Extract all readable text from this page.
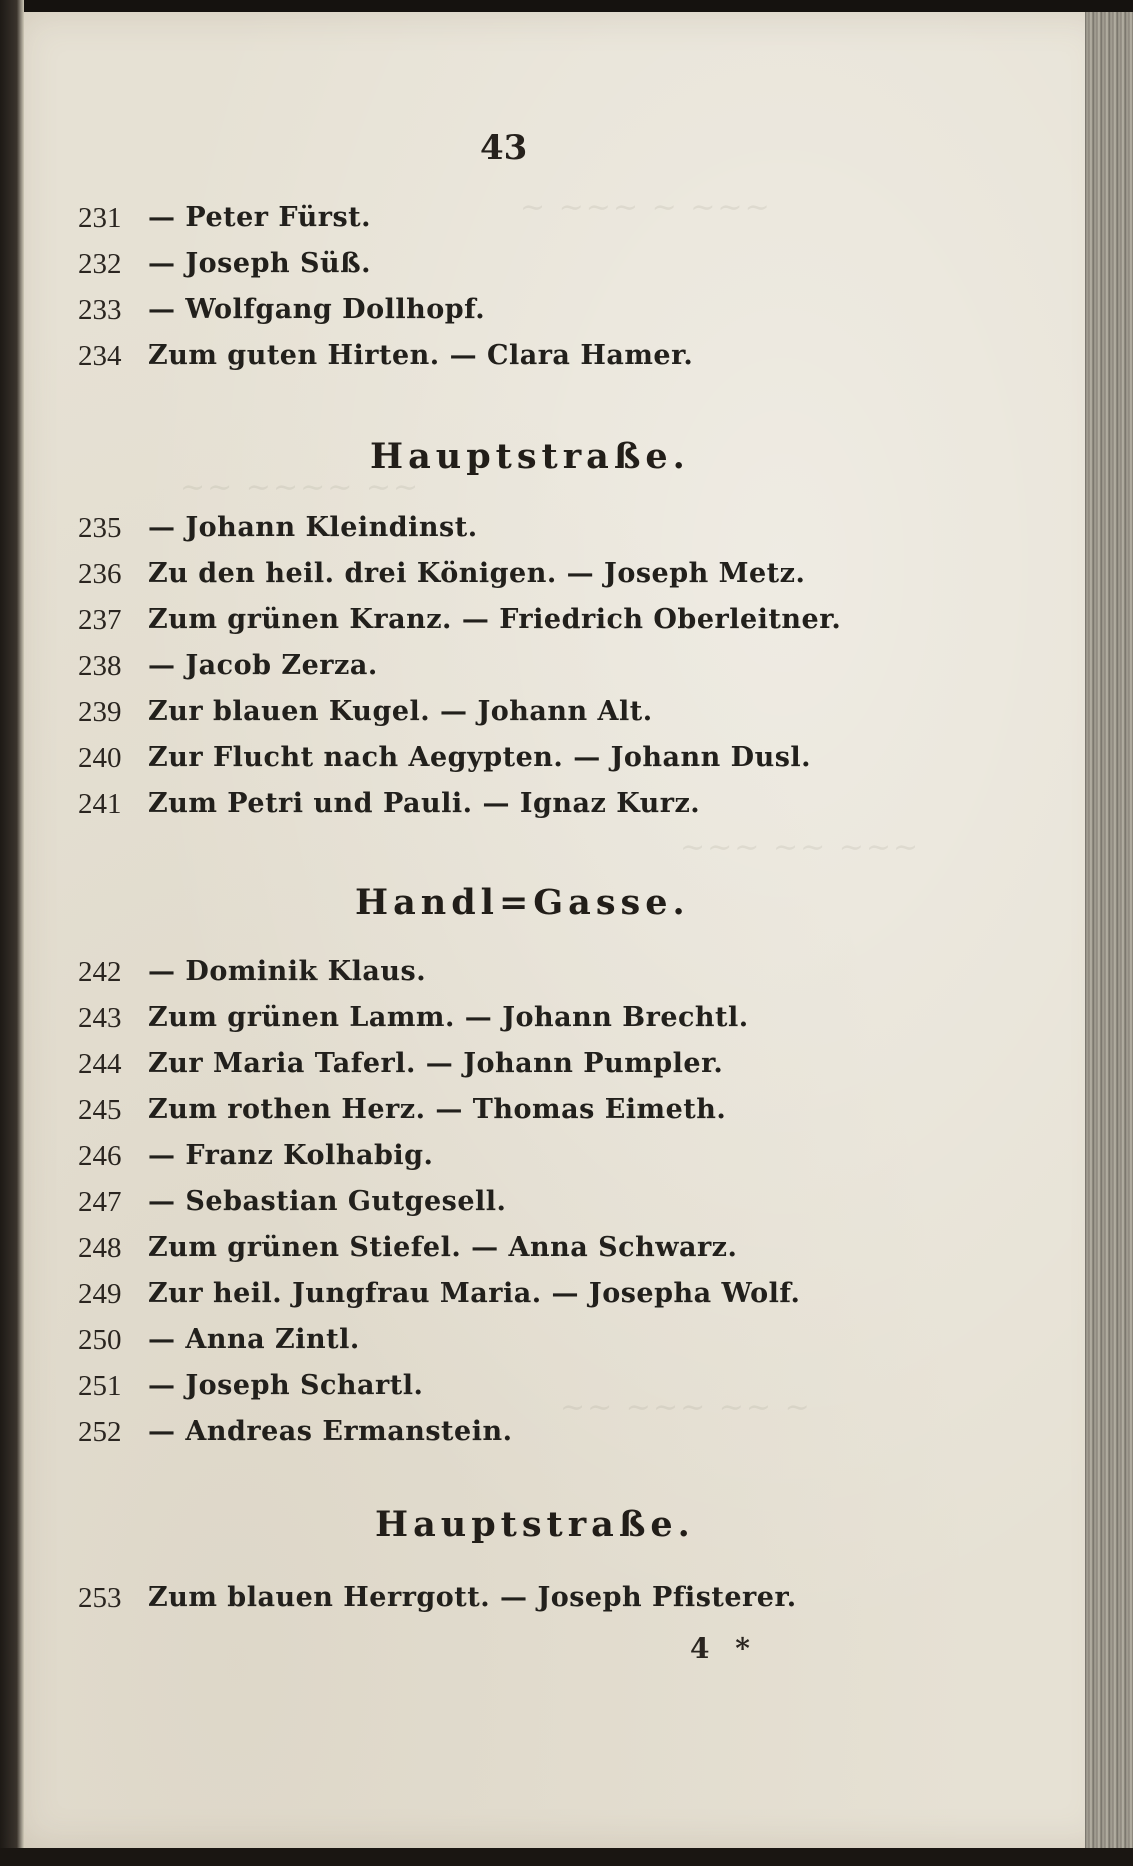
∼ ∼∼∼ ∼ ∼∼∼
∼∼ ∼∼∼∼ ∼∼
∼∼∼ ∼∼ ∼∼∼
∼∼ ∼∼∼ ∼∼ ∼
43
231 — Peter Fürst.
232 — Joseph Süß.
233 — Wolfgang Dollhopf.
234 Zum guten Hirten. — Clara Hamer.
Hauptstraße.
235 — Johann Kleindinst.
236 Zu den heil. drei Königen. — Joseph Metz.
237 Zum grünen Kranz. — Friedrich Oberleitner.
238 — Jacob Zerza.
239 Zur blauen Kugel. — Johann Alt.
240 Zur Flucht nach Aegypten. — Johann Dusl.
241 Zum Petri und Pauli. — Ignaz Kurz.
Handl=Gasse.
242 — Dominik Klaus.
243 Zum grünen Lamm. — Johann Brechtl.
244 Zur Maria Taferl. — Johann Pumpler.
245 Zum rothen Herz. — Thomas Eimeth.
246 — Franz Kolhabig.
247 — Sebastian Gutgesell.
248 Zum grünen Stiefel. — Anna Schwarz.
249 Zur heil. Jungfrau Maria. — Josepha Wolf.
250 — Anna Zintl.
251 — Joseph Schartl.
252 — Andreas Ermanstein.
Hauptstraße.
253 Zum blauen Herrgott. — Joseph Pfisterer.
4 *
